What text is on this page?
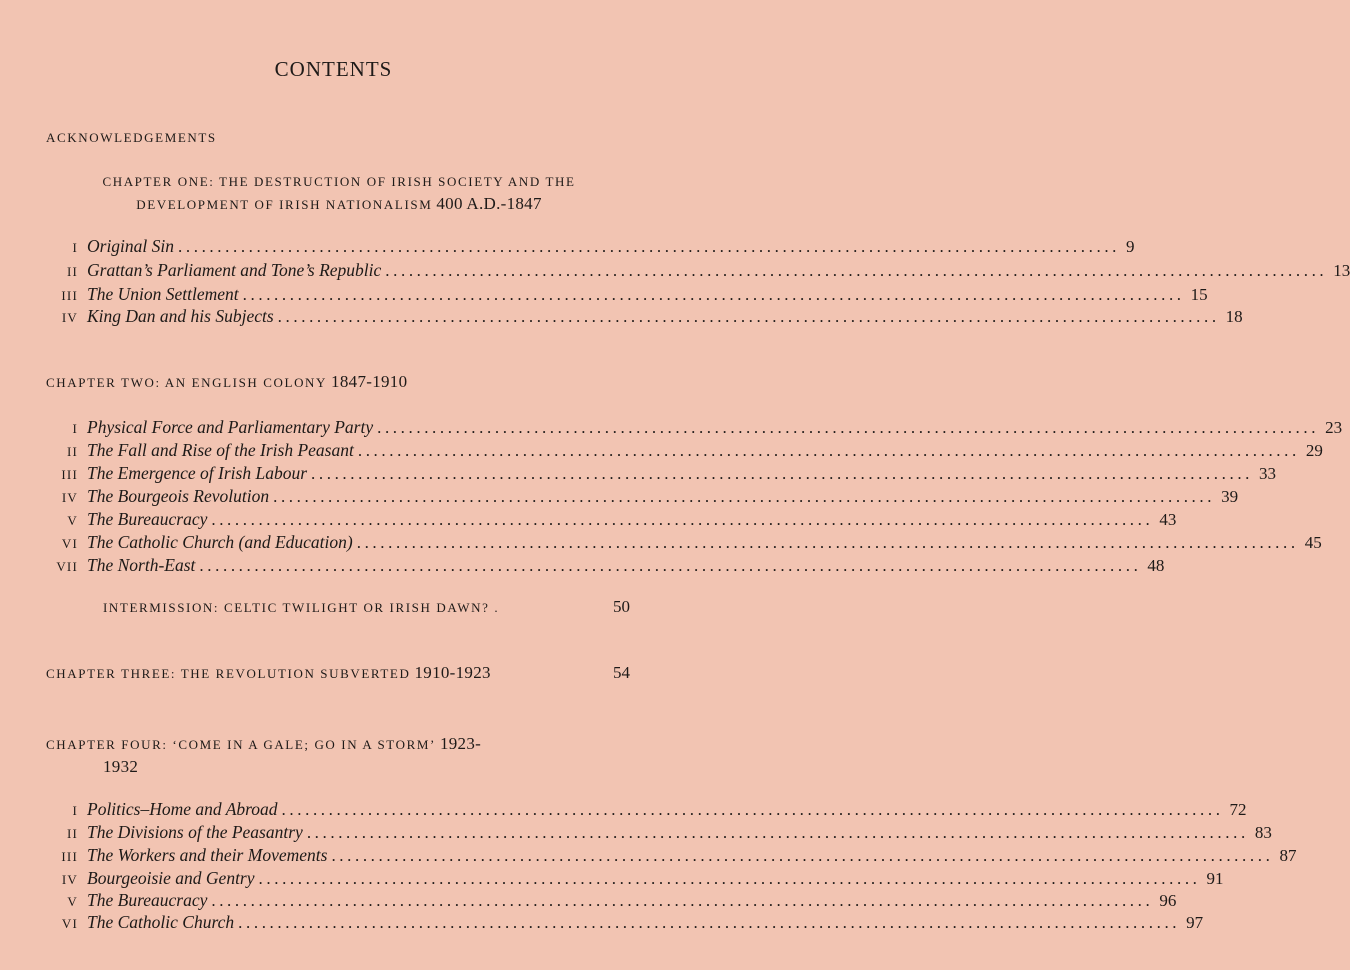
CONTENTS
ACKNOWLEDGEMENTS
CHAPTER ONE: THE DESTRUCTION OF IRISH SOCIETY AND THE
DEVELOPMENT OF IRISH NATIONALISM 400 A.D.-1847
I Original Sin ........................................................................................................................ 9
II Grattan’s Parliament and Tone’s Republic ........................................................................................................................ 13
III The Union Settlement ........................................................................................................................ 15
IV King Dan and his Subjects ........................................................................................................................ 18
CHAPTER TWO: AN ENGLISH COLONY 1847-1910
I Physical Force and Parliamentary Party ........................................................................................................................ 23
II The Fall and Rise of the Irish Peasant ........................................................................................................................ 29
III The Emergence of Irish Labour ........................................................................................................................ 33
IV The Bourgeois Revolution ........................................................................................................................ 39
V The Bureaucracy ........................................................................................................................ 43
VI The Catholic Church (and Education) ........................................................................................................................ 45
VII The North-East ........................................................................................................................ 48
INTERMISSION: CELTIC TWILIGHT OR IRISH DAWN? .	50
CHAPTER THREE: THE REVOLUTION SUBVERTED 1910-1923	54
CHAPTER FOUR: ‘COME IN A GALE; GO IN A STORM’ 1923-
1932
I Politics–Home and Abroad ........................................................................................................................ 72
II The Divisions of the Peasantry ........................................................................................................................ 83
III The Workers and their Movements ........................................................................................................................ 87
IV Bourgeoisie and Gentry ........................................................................................................................ 91
V The Bureaucracy ........................................................................................................................ 96
VI The Catholic Church ........................................................................................................................ 97
